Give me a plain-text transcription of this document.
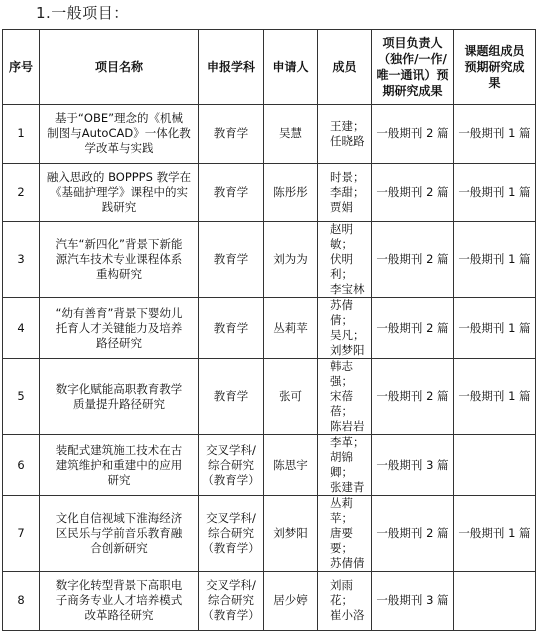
1.一般项目：
序号	项目名称	申报学科	申请人	成员	项目负责人
（独作/一作/
唯一通讯）预
期研究成果	课题组成员
预期研究成
果

1	基于“OBE”理念的《机械
制图与AutoCAD》一体化教
学改革与实践	教育学	吴慧	王建；
任晓路	一般期刊 2 篇	一般期刊 1 篇

2	融入思政的 BOPPPS 教学在
《基础护理学》课程中的实
践研究	教育学	陈彤彤	时景；
李甜；
贾娟	一般期刊 2 篇	一般期刊 1 篇

3	汽车“新四化”背景下新能
源汽车技术专业课程体系
重构研究	教育学	刘为为	赵明敏；
伏明利；
李宝林	一般期刊 2 篇	一般期刊 1 篇

4	“幼有善育”背景下婴幼儿
托育人才关键能力及培养
路径研究	教育学	丛莉苹	苏倩倩；
吴凡；
刘梦阳	一般期刊 2 篇	一般期刊 1 篇

5	数字化赋能高职教育教学
质量提升路径研究	教育学	张可	韩志强；
宋蓓蓓；
陈岩岩	一般期刊 2 篇	一般期刊 1 篇

6	装配式建筑施工技术在古
建筑维护和重建中的应用
研究	交叉学科/
综合研究
（教育学）	陈思宇	李革；
胡锦卿；
张建青	一般期刊 3 篇	

7	文化自信视域下淮海经济
区民乐与学前音乐教育融
合创新研究	交叉学科/
综合研究
（教育学）	刘梦阳	丛莉苹；
唐要要；
苏倩倩	一般期刊 2 篇	一般期刊 1 篇

8	数字化转型背景下高职电
子商务专业人才培养模式
改革路径研究	交叉学科/
综合研究
（教育学）	居少婷	刘雨花；
崔小洛	一般期刊 3 篇	
